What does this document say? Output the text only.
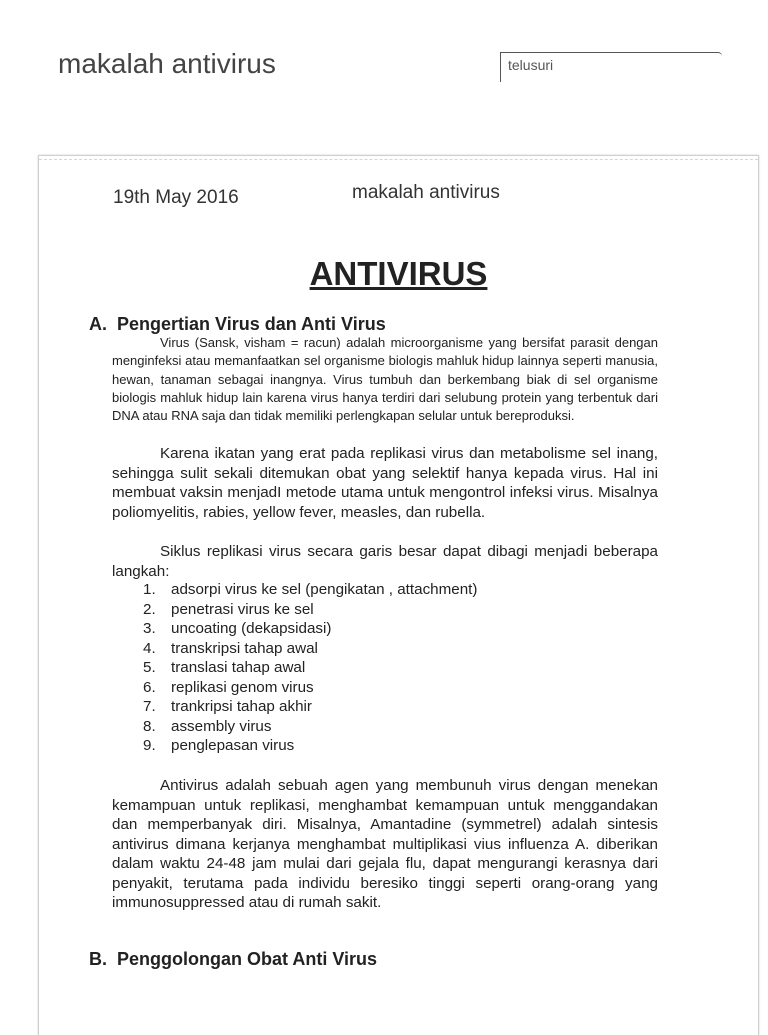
makalah antivirus
telusuri
19th May 2016	makalah antivirus
ANTIVIRUS

A. Pengertian Virus dan Anti Virus

Virus (Sansk, visham = racun) adalah microorganisme yang bersifat parasit dengan menginfeksi atau memanfaatkan sel organisme biologis mahluk hidup lainnya seperti manusia, hewan, tanaman sebagai inangnya. Virus tumbuh dan berkembang biak di sel organisme biologis mahluk hidup lain karena virus hanya terdiri dari selubung protein yang terbentuk dari DNA atau RNA saja dan tidak memiliki perlengkapan selular untuk bereproduksi.

Karena ikatan yang erat pada replikasi virus dan metabolisme sel inang, sehingga sulit sekali ditemukan obat yang selektif hanya kepada virus. Hal ini membuat vaksin menjadI metode utama untuk mengontrol infeksi virus. Misalnya poliomyelitis, rabies, yellow fever, measles, dan rubella.

Siklus replikasi virus secara garis besar dapat dibagi menjadi beberapa langkah:

1.	adsorpi virus ke sel (pengikatan , attachment)
2.	penetrasi virus ke sel
3.	uncoating (dekapsidasi)
4.	transkripsi tahap awal
5.	translasi tahap awal
6.	replikasi genom virus
7.	trankripsi tahap akhir
8.	assembly virus
9.	penglepasan virus

Antivirus adalah sebuah agen yang membunuh virus dengan menekan kemampuan untuk replikasi, menghambat kemampuan untuk menggandakan dan memperbanyak diri. Misalnya, Amantadine (symmetrel) adalah sintesis antivirus dimana kerjanya menghambat multiplikasi vius influenza A. diberikan dalam waktu 24-48 jam mulai dari gejala flu, dapat mengurangi kerasnya dari penyakit, terutama pada individu beresiko tinggi seperti orang-orang yang immunosuppressed atau di rumah sakit.

B. Penggolongan Obat Anti Virus
